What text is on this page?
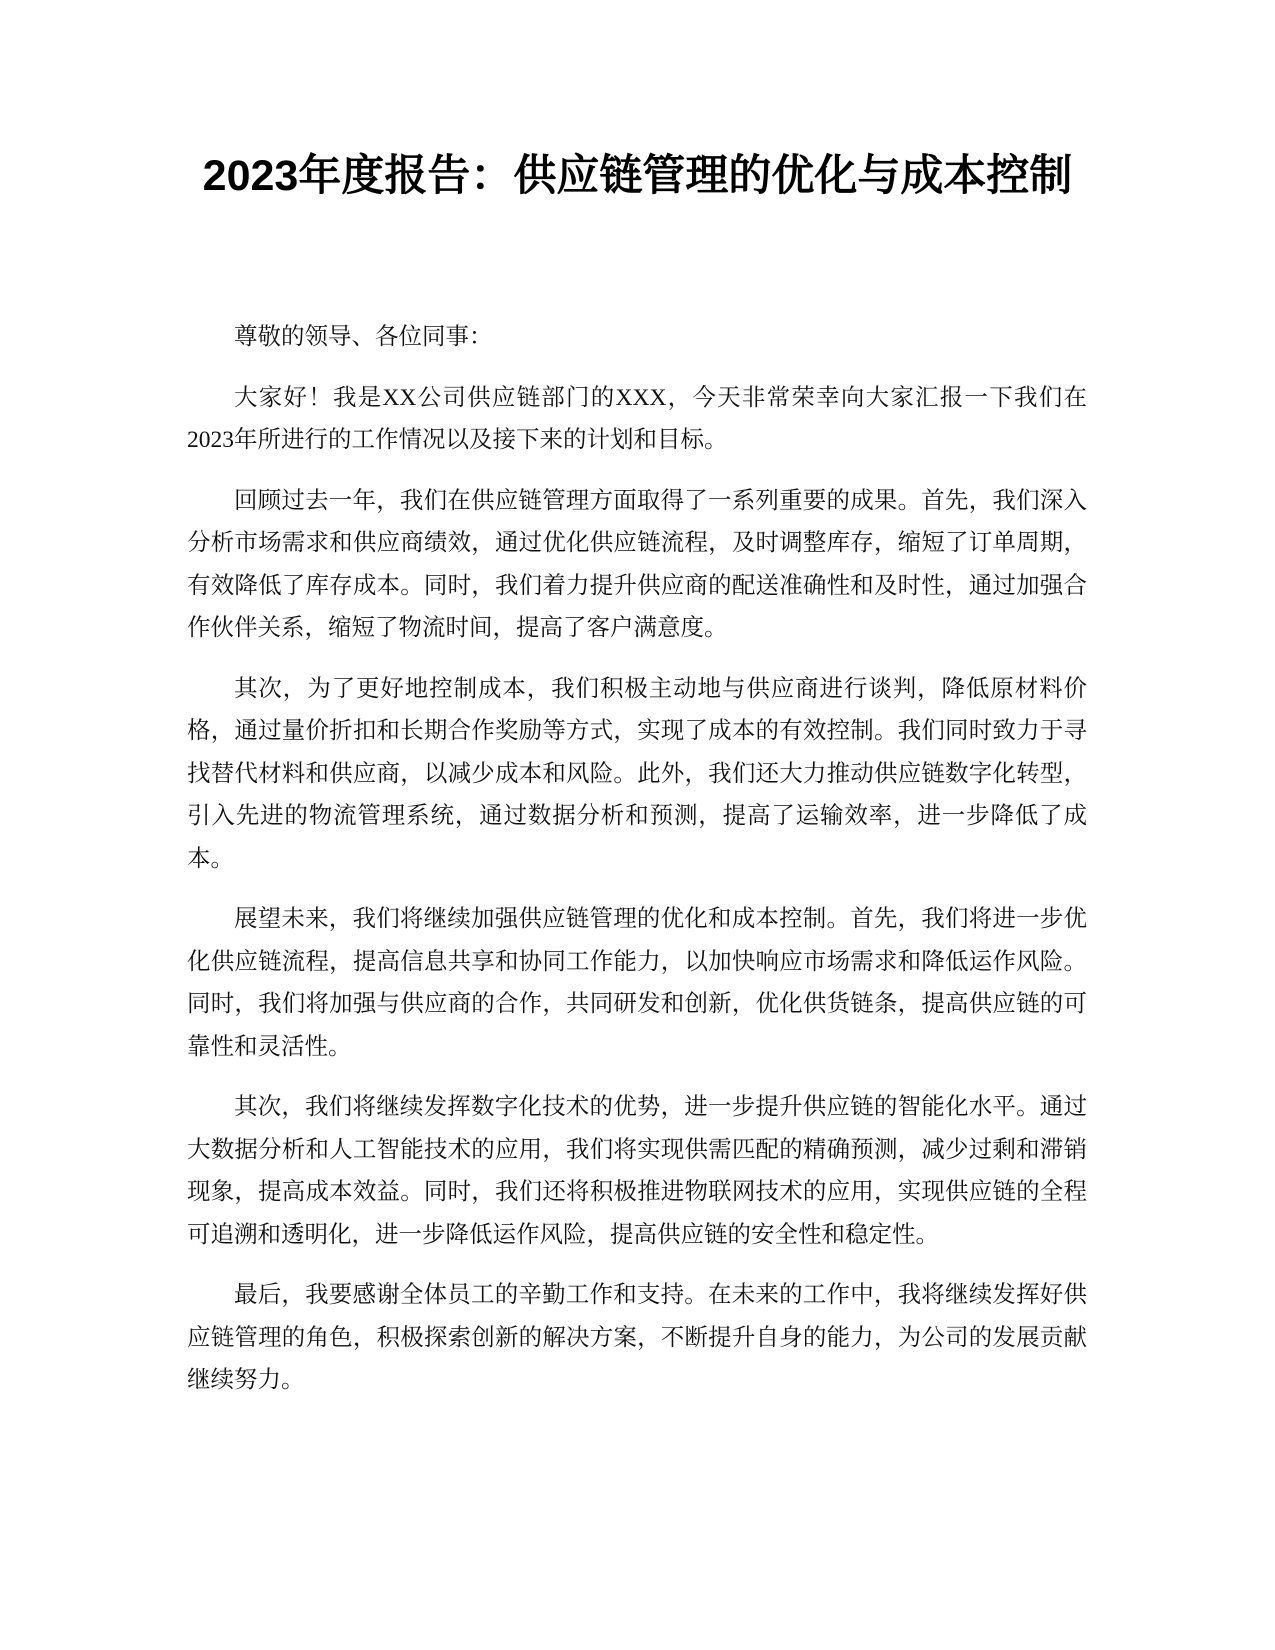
2023年度报告：供应链管理的优化与成本控制

尊敬的领导、各位同事：

大家好！我是XX公司供应链部门的XXX，今天非常荣幸向大家汇报一下我们在2023年所进行的工作情况以及接下来的计划和目标。

回顾过去一年，我们在供应链管理方面取得了一系列重要的成果。首先，我们深入分析市场需求和供应商绩效，通过优化供应链流程，及时调整库存，缩短了订单周期，有效降低了库存成本。同时，我们着力提升供应商的配送准确性和及时性，通过加强合作伙伴关系，缩短了物流时间，提高了客户满意度。

其次，为了更好地控制成本，我们积极主动地与供应商进行谈判，降低原材料价格，通过量价折扣和长期合作奖励等方式，实现了成本的有效控制。我们同时致力于寻找替代材料和供应商，以减少成本和风险。此外，我们还大力推动供应链数字化转型，引入先进的物流管理系统，通过数据分析和预测，提高了运输效率，进一步降低了成本。

展望未来，我们将继续加强供应链管理的优化和成本控制。首先，我们将进一步优化供应链流程，提高信息共享和协同工作能力，以加快响应市场需求和降低运作风险。同时，我们将加强与供应商的合作，共同研发和创新，优化供货链条，提高供应链的可靠性和灵活性。

其次，我们将继续发挥数字化技术的优势，进一步提升供应链的智能化水平。通过大数据分析和人工智能技术的应用，我们将实现供需匹配的精确预测，减少过剩和滞销现象，提高成本效益。同时，我们还将积极推进物联网技术的应用，实现供应链的全程可追溯和透明化，进一步降低运作风险，提高供应链的安全性和稳定性。

最后，我要感谢全体员工的辛勤工作和支持。在未来的工作中，我将继续发挥好供应链管理的角色，积极探索创新的解决方案，不断提升自身的能力，为公司的发展贡献继续努力。
